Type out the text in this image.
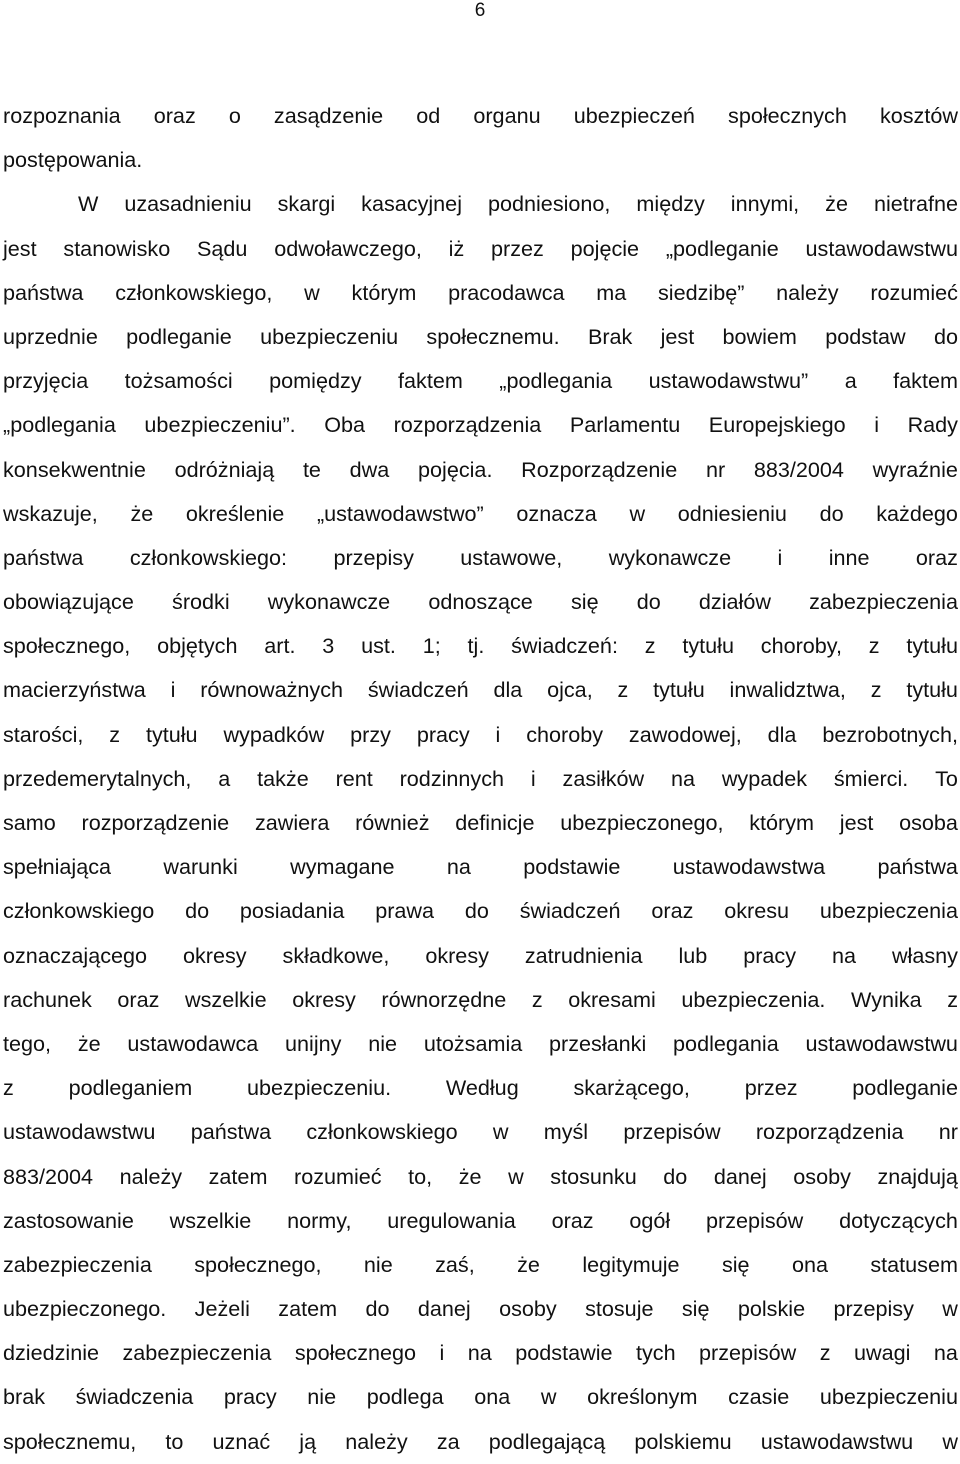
6
rozpoznania oraz o zasądzenie od organu ubezpieczeń społecznych kosztów
postępowania.
W uzasadnieniu skargi kasacyjnej podniesiono, między innymi, że nietrafne
jest stanowisko Sądu odwoławczego, iż przez pojęcie „podleganie ustawodawstwu
państwa członkowskiego, w którym pracodawca ma siedzibę” należy rozumieć
uprzednie podleganie ubezpieczeniu społecznemu. Brak jest bowiem podstaw do
przyjęcia tożsamości pomiędzy faktem „podlegania ustawodawstwu” a faktem
„podlegania ubezpieczeniu”. Oba rozporządzenia Parlamentu Europejskiego i Rady
konsekwentnie odróżniają te dwa pojęcia. Rozporządzenie nr 883/2004 wyraźnie
wskazuje, że określenie „ustawodawstwo” oznacza w odniesieniu do każdego
państwa członkowskiego: przepisy ustawowe, wykonawcze i inne oraz
obowiązujące środki wykonawcze odnoszące się do działów zabezpieczenia
społecznego, objętych art. 3 ust. 1; tj. świadczeń: z tytułu choroby, z tytułu
macierzyństwa i równoważnych świadczeń dla ojca, z tytułu inwalidztwa, z tytułu
starości, z tytułu wypadków przy pracy i choroby zawodowej, dla bezrobotnych,
przedemerytalnych, a także rent rodzinnych i zasiłków na wypadek śmierci. To
samo rozporządzenie zawiera również definicje ubezpieczonego, którym jest osoba
spełniająca warunki wymagane na podstawie ustawodawstwa państwa
członkowskiego do posiadania prawa do świadczeń oraz okresu ubezpieczenia
oznaczającego okresy składkowe, okresy zatrudnienia lub pracy na własny
rachunek oraz wszelkie okresy równorzędne z okresami ubezpieczenia. Wynika z
tego, że ustawodawca unijny nie utożsamia przesłanki podlegania ustawodawstwu
z	podleganiem	ubezpieczeniu.	Według	skarżącego,	przez	podleganie
ustawodawstwu państwa członkowskiego w myśl przepisów rozporządzenia nr
883/2004 należy zatem rozumieć to, że w stosunku do danej osoby znajdują
zastosowanie wszelkie normy, uregulowania oraz ogół przepisów dotyczących
zabezpieczenia społecznego, nie zaś, że legitymuje się ona statusem
ubezpieczonego. Jeżeli zatem do danej osoby stosuje się polskie przepisy w
dziedzinie zabezpieczenia społecznego i na podstawie tych przepisów z uwagi na
brak świadczenia pracy nie podlega ona w określonym czasie ubezpieczeniu
społecznemu, to uznać ją należy za podlegającą polskiemu ustawodawstwu w
